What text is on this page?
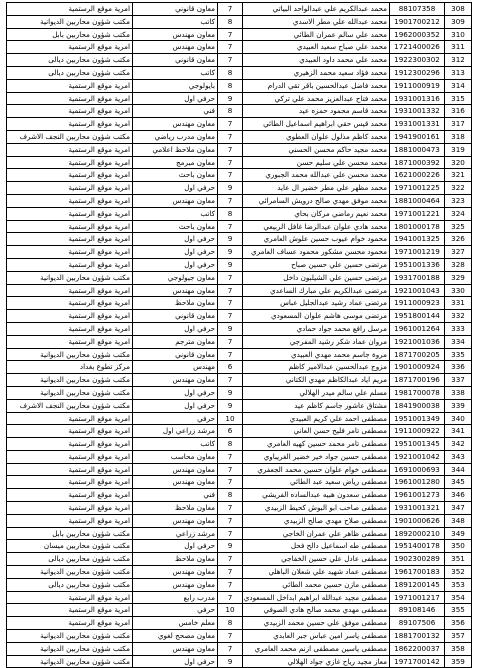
308	88107358	محمد عبدالكريم علي عبدالواحد البياتي	7	معاون قانوني	امرية موقع الرستمية
309	1901700212	محمد عبدالله علي مطر الاسدي	8	كاتب	مكتب شؤون محاربين الديوانية
310	1962000352	محمد علي سالم عمران الطائي	7	معاون مهندس	مكتب شؤون محاربين بابل
311	1721400026	محمد علي صباح سعيد العبيدي	7	معاون مهندس	امرية موقع الرستمية
312	1922300302	محمد علي محمد داود العبيدي	7	معاون قانوني	مكتب شؤون محاربين ديالى
313	1912300296	محمد فؤاد سعيد محمد الزهيري	8	كاتب	مكتب شؤون محاربين ديالى
314	1911000919	محمد فاضل عبدالحسين باقر تقي الدرام	8	بايولوجي	امرية موقع الرستمية
315	1931001316	محمد فتاح عبدالعزيز محمد علي تركي	9	حرفي اول	امرية موقع الرستمية
316	1931001332	محمد قاسم محمود حمزه عيد	8	فني	امرية موقع الرستمية
317	1931001331	محمد قيس حقي ابراهيم اسماعيل الطائي	7	معاون مهندس	امرية موقع الرستمية
318	1941900161	محمد كاظم مذلول علوان العطوي	7	معاون مدرب رياضي	مكتب شؤون محاربين النجف الاشرف
319	1881000473	محمد مجيد حاكم محسن الحسني	7	معاون ملاحظ اعلامي	امرية موقع الرستمية
320	1871000392	محمد محسن علي سليم حسن	7	معاون مبرمج	امرية موقع الرستمية
321	1621000226	محمد محسن علي عبدالله محمد الجبوري	7	معاون باحث	امرية موقع الرستمية
322	1971001225	محمد مظهر علي مطر خضير ال عايد	9	حرفي اول	امرية موقع الرستمية
323	1881000464	محمد موفق مهدي صالح درويش السامرائي	7	معاون مهندس	امرية موقع الرستمية
324	1971001221	محمد نعيم رماضي مركان بحاي	8	كاتب	امرية موقع الرستمية
325	1801000178	محمد هادي علوان عبدالرضا غافل الربيعي	7	معاون باحث	امرية موقع الرستمية
326	1941001325	محمود خوام عيوب حسين علوش العامري	9	حرفي اول	امرية موقع الرستمية
327	1971001219	محمود محسن مشكور محمود عساف العامري	9	حرفي اول	امرية موقع الرستمية
328	1951001336	مرتضى حسين علي حسين صباح	9	حرفي اول	امرية موقع الرستمية
329	1931700188	مرتضى حسين علي الشيلبون داخل	7	معاون جيولوجي	مكتب شؤون محاربين الديوانية
330	1921001043	مرتضى عبدالكريم علي مبارك الساعدي	7	معاون مهندس	امرية موقع الرستمية
331	1911000923	مرتضى عماد رشيد عبدالجليل عباس	7	معاون ملاحظ	امرية موقع الرستمية
332	1951800144	مرتضى موسى هاشم علوان المسعودي	7	معاون قانوني	امرية موقع الرستمية
333	1961001264	مرسل رافع محمد جواد حمادي	9	حرفي اول	امرية موقع الرستمية
334	1921001036	مروان عماد شكر رشيد المفرجي	7	معاون مترجم	امرية موقع الرستمية
335	1871700205	مروة جاسم محمد مهدي العبيدي	7	معاون قانوني	مكتب شؤون محاربين الديوانية
336	1901000924	مزوج عبدالحسين عبدالامير كاظم	6	مهندس	مركز تطوع بغداد
337	1871700196	مريم اياد عبدالكاظم مهدي الكتاني	7	معاون مهندس	مكتب شؤون محاربين الديوانية
338	1981700078	مسلم علي سالم ميدر الهلالي	9	حرفي اول	مكتب شؤون محاربين الديوانية
339	1841900038	مشتاق عاشور جاسم كاظم عيد	9	حرفي اول	مكتب شؤون محاربين النجف الاشرف
340	1951001349	مصطفى احمد علي كريم العبيدي	10	حرفي	امرية موقع الرستمية
341	1911000922	مصطفى تامر فليح حسن العاني	6	مرشد زراعي اول	امرية موقع الرستمية
342	1951001345	مصطفى تامر محمد حسين كهيه العامري	8	كاتب	امرية موقع الرستمية
343	1921001042	مصطفى حسين جواد خير خضير الغريباوي	7	معاون محاسب	امرية موقع الرستمية
344	1691000693	مصطفى خوام علوان حسين محمد الجعفري	7	معاون مهندس	امرية موقع الرستمية
345	1961001280	مصطفى رياض سعيد عبد الطائي	7	معاون مهندس	امرية موقع الرستمية
346	1961001273	مصطفى سعدون هبيه عبدالساده الفريشي	8	فني	امرية موقع الرستمية
347	1931001321	مصطفى صاحب ابو البوش كحيط الزبيدي	7	معاون ملاحظ	امرية موقع الرستمية
348	1901000626	مصطفى صلاح مهدي صالح الزبيدي	7	معاون مهندس	امرية موقع الرستمية
349	1892000210	مصطفى ظاهر علي عمران الخاجي	7	مرشد زراعي	مكتب شؤون محاربين بابل
350	1951400178	مصطفى طه اسماعيل دالح فحل	9	حرفي اول	مكتب شؤون محاربين ميسان
351	1902300289	مصطفى عادل علي حسين الخفاجي	7	معاون ملاحظ	مكتب شؤون محاربين ديالى
352	1961700183	مصطفى عماد شهيد علي شعلان الباهلي	7	معاون مهندس	مكتب شؤون محاربين الديوانية
353	1891200145	مصطفى مازن حسين محمد الطائي	7	معاون مهندس	مكتب شؤون محاربين ديالى
354	1971001217	مصطفى مجيد عبدالله ابراهيم ابداخل المسعودي	7	مدرب رابع	امرية موقع الرستمية
355	89108146	مصطفى مهدي محمد صالح هادي الصوفي	10	حرفي	امرية موقع الرستمية
356	89107506	مصطفى موفق علي حسين محمد الزبيدي	8	معلم خامس	امرية موقع الرستمية
357	1881700132	مصطفى ياسر امين عباس جبر العابدي	7	معاون مصحح لغوي	مكتب شؤون محاربين الديوانية
358	1862200037	مصطفى ياسين مصطفى ازنم محمد العامري	7	معاون مهندس	مكتب شؤون محاربين الديوانية
359	1971700142	معاز مجيد رياح غازي جواد الهلالي	9	حرفي اول	مكتب شؤون محاربين الديوانية
